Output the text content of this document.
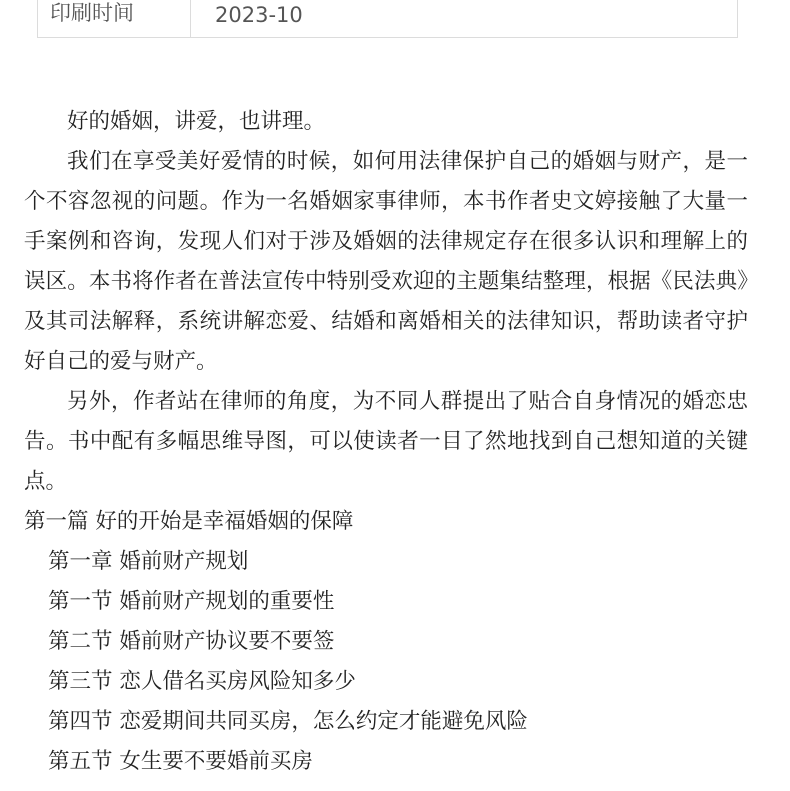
印刷时间	2023-10

好的婚姻，讲爱，也讲理。

我们在享受美好爱情的时候，如何用法律保护自己的婚姻与财产，是一个不容忽视的问题。作为一名婚姻家事律师，本书作者史文婷接触了大量一手案例和咨询，发现人们对于涉及婚姻的法律规定存在很多认识和理解上的误区。本书将作者在普法宣传中特别受欢迎的主题集结整理，根据《民法典》及其司法解释，系统讲解恋爱、结婚和离婚相关的法律知识，帮助读者守护好自己的爱与财产。

另外，作者站在律师的角度，为不同人群提出了贴合自身情况的婚恋忠告。书中配有多幅思维导图，可以使读者一目了然地找到自己想知道的关键点。

第一篇 好的开始是幸福婚姻的保障
第一章 婚前财产规划
第一节 婚前财产规划的重要性
第二节 婚前财产协议要不要签
第三节 恋人借名买房风险知多少
第四节 恋爱期间共同买房，怎么约定才能避免风险
第五节 女生要不要婚前买房
